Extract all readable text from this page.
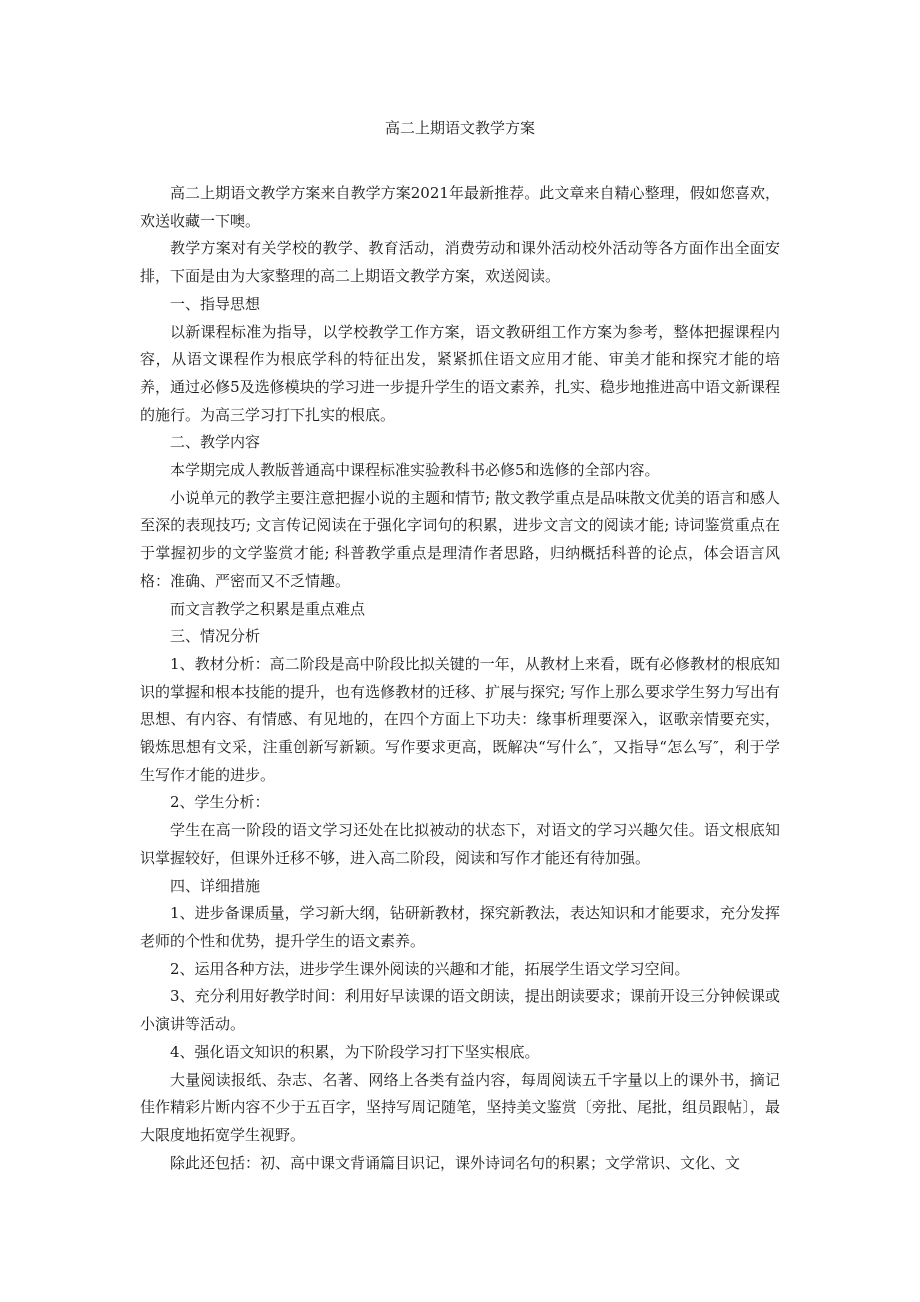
高二上期语文教学方案

高二上期语文教学方案来自教学方案2021年最新推荐。此文章来自精心整理，假如您喜欢，欢送收藏一下噢。

教学方案对有关学校的教学、教育活动，消费劳动和课外活动校外活动等各方面作出全面安排，下面是由为大家整理的高二上期语文教学方案，欢送阅读。

一、指导思想

以新课程标准为指导，以学校教学工作方案，语文教研组工作方案为参考，整体把握课程内容，从语文课程作为根底学科的特征出发，紧紧抓住语文应用才能、审美才能和探究才能的培养，通过必修5及选修模块的学习进一步提升学生的语文素养，扎实、稳步地推进高中语文新课程的施行。为高三学习打下扎实的根底。

二、教学内容

本学期完成人教版普通高中课程标准实验教科书必修5和选修的全部内容。

小说单元的教学主要注意把握小说的主题和情节; 散文教学重点是品味散文优美的语言和感人至深的表现技巧; 文言传记阅读在于强化字词句的积累，进步文言文的阅读才能; 诗词鉴赏重点在于掌握初步的文学鉴赏才能; 科普教学重点是理清作者思路，归纳概括科普的论点，体会语言风格：准确、严密而又不乏情趣。

而文言教学之积累是重点难点

三、情况分析

1、教材分析：高二阶段是高中阶段比拟关键的一年，从教材上来看，既有必修教材的根底知识的掌握和根本技能的提升，也有选修教材的迁移、扩展与探究; 写作上那么要求学生努力写出有思想、有内容、有情感、有见地的，在四个方面上下功夫：缘事析理要深入，讴歌亲情要充实，锻炼思想有文采，注重创新写新颖。写作要求更高，既解决“写什么″，又指导“怎么写″，利于学生写作才能的进步。

2、学生分析：

学生在高一阶段的语文学习还处在比拟被动的状态下，对语文的学习兴趣欠佳。语文根底知识掌握较好，但课外迁移不够，进入高二阶段，阅读和写作才能还有待加强。

四、详细措施

1、进步备课质量，学习新大纲，钻研新教材，探究新教法，表达知识和才能要求，充分发挥老师的个性和优势，提升学生的语文素养。

2、运用各种方法，进步学生课外阅读的兴趣和才能，拓展学生语文学习空间。

3、充分利用好教学时间：利用好早读课的语文朗读，提出朗读要求；课前开设三分钟候课或小演讲等活动。

4、强化语文知识的积累，为下阶段学习打下坚实根底。

大量阅读报纸、杂志、名著、网络上各类有益内容，每周阅读五千字量以上的课外书，摘记佳作精彩片断内容不少于五百字，坚持写周记随笔，坚持美文鉴赏〔旁批、尾批，组员跟帖〕，最大限度地拓宽学生视野。

除此还包括：初、高中课文背诵篇目识记，课外诗词名句的积累；文学常识、文化、文
